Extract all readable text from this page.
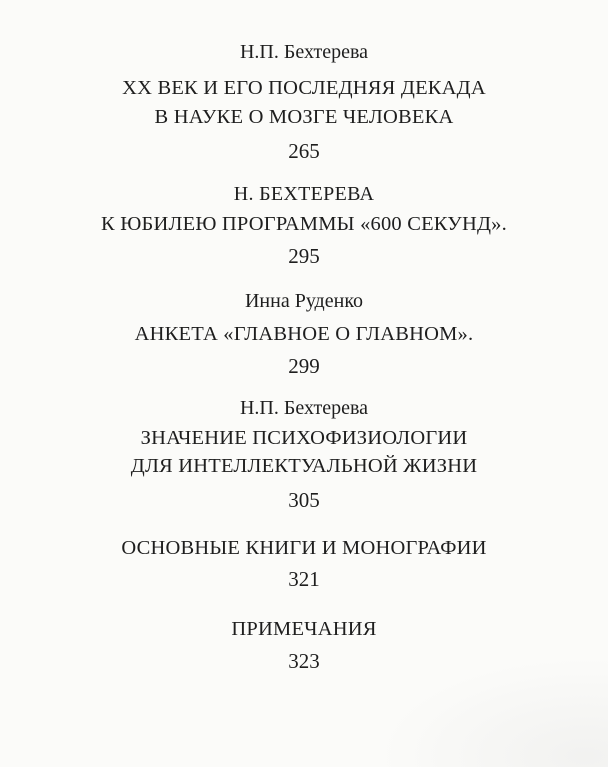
Н.П. Бехтерева
XX ВЕК И ЕГО ПОСЛЕДНЯЯ ДЕКАДА
В НАУКЕ О МОЗГЕ ЧЕЛОВЕКА
265
Н. БЕХТЕРЕВА
К ЮБИЛЕЮ ПРОГРАММЫ «600 СЕКУНД».
295
Инна Руденко
АНКЕТА «ГЛАВНОЕ О ГЛАВНОМ».
299
Н.П. Бехтерева
ЗНАЧЕНИЕ ПСИХОФИЗИОЛОГИИ
ДЛЯ ИНТЕЛЛЕКТУАЛЬНОЙ ЖИЗНИ
305
ОСНОВНЫЕ КНИГИ И МОНОГРАФИИ
321
ПРИМЕЧАНИЯ
323
